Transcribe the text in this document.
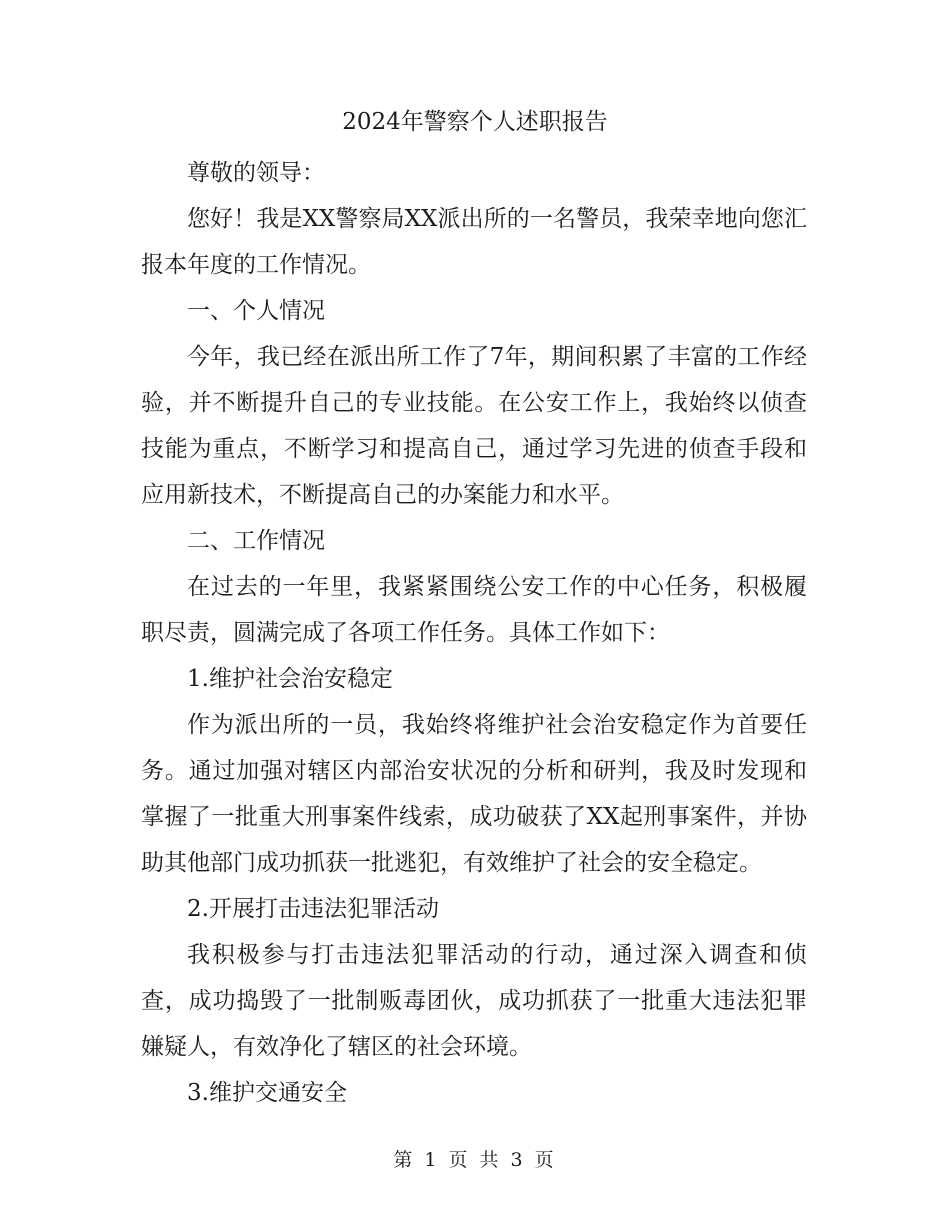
2024年警察个人述职报告

尊敬的领导：

您好！我是XX警察局XX派出所的一名警员，我荣幸地向您汇报本年度的工作情况。

一、个人情况

今年，我已经在派出所工作了7年，期间积累了丰富的工作经验，并不断提升自己的专业技能。在公安工作上，我始终以侦查技能为重点，不断学习和提高自己，通过学习先进的侦查手段和应用新技术，不断提高自己的办案能力和水平。

二、工作情况

在过去的一年里，我紧紧围绕公安工作的中心任务，积极履职尽责，圆满完成了各项工作任务。具体工作如下：

1.维护社会治安稳定

作为派出所的一员，我始终将维护社会治安稳定作为首要任务。通过加强对辖区内部治安状况的分析和研判，我及时发现和掌握了一批重大刑事案件线索，成功破获了XX起刑事案件，并协助其他部门成功抓获一批逃犯，有效维护了社会的安全稳定。

2.开展打击违法犯罪活动

我积极参与打击违法犯罪活动的行动，通过深入调查和侦查，成功捣毁了一批制贩毒团伙，成功抓获了一批重大违法犯罪嫌疑人，有效净化了辖区的社会环境。

3.维护交通安全

第 1 页 共 3 页
